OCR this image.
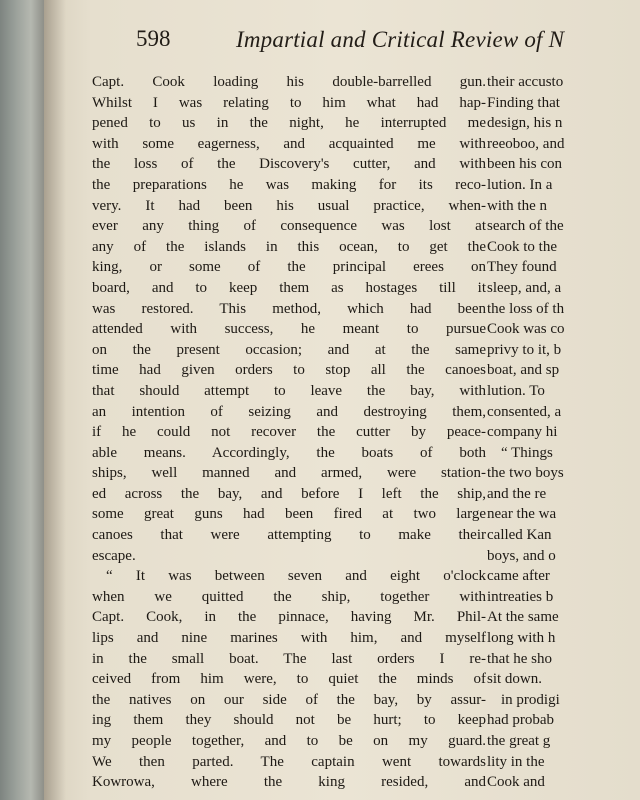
598	Impartial and Critical Review of N
Capt. Cook loading his double-barrelled gun.
Whilst I was relating to him what had hap-
pened to us in the night, he interrupted me
with some eagerness, and acquainted me with
the loss of the Discovery's cutter, and with
the preparations he was making for its reco-
very. It had been his usual practice, when-
ever any thing of consequence was lost at
any of the islands in this ocean, to get the
king, or some of the principal erees on
board, and to keep them as hostages till it
was restored. This method, which had been
attended with success, he meant to pursue
on the present occasion; and at the same
time had given orders to stop all the canoes
that should attempt to leave the bay, with
an intention of seizing and destroying them,
if he could not recover the cutter by peace-
able means. Accordingly, the boats of both
ships, well manned and armed, were station-
ed across the bay, and before I left the ship,
some great guns had been fired at two large
canoes that were attempting to make their
escape.
“ It was between seven and eight o'clock
when we quitted the ship, together with
Capt. Cook, in the pinnace, having Mr. Phil-
lips and nine marines with him, and myself
in the small boat. The last orders I re-
ceived from him were, to quiet the minds of
the natives on our side of the bay, by assur-
ing them they should not be hurt; to keep
my people together, and to be on my guard.
We then parted. The captain went towards
Kowrowa, where the king resided, and
their accusto
Finding that
design, his n
reeoboo, and
been his con
lution. In a
with the n
search of the
Cook to the
They found
sleep, and, a
the loss of th
Cook was co
privy to it, b
boat, and sp
lution. To
consented, a
company hi
“ Things
the two boys
and the re
near the wa
called Kan
boys, and o
came after
intreaties b
At the same
long with h
that he sho
sit down.
in prodigi
had probab
the great g
lity in the
Cook and
